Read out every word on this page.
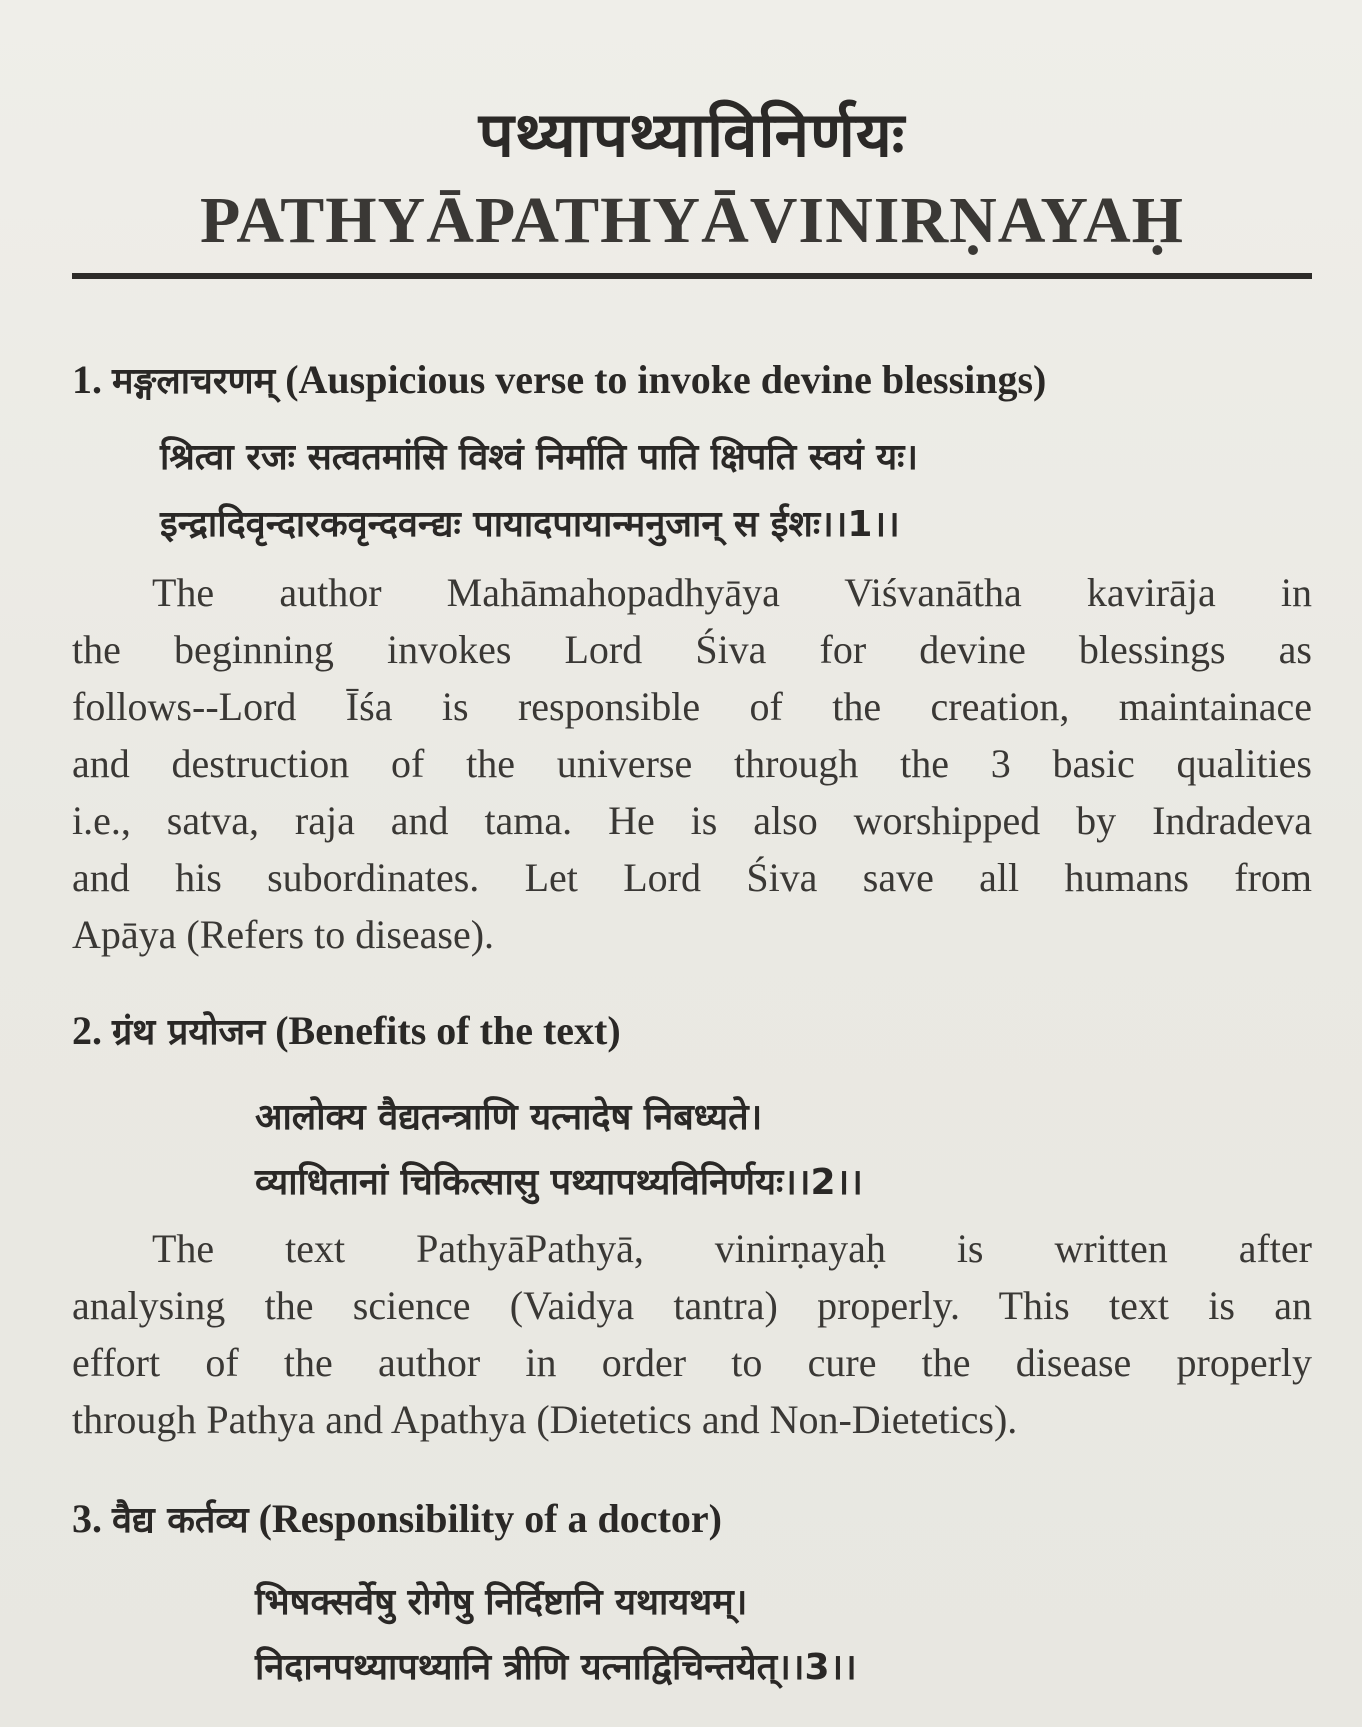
पथ्यापथ्याविनिर्णयः
PATHYĀPATHYĀVINIRṆAYAḤ
1. मङ्गलाचरणम् (Auspicious verse to invoke devine blessings)
श्रित्वा रजः सत्वतमांसि विश्वं निर्माति पाति क्षिपति स्वयं यः।
इन्द्रादिवृन्दारकवृन्दवन्द्यः पायादपायान्मनुजान् स ईशः।।1।।
The author Mahāmahopadhyāya Viśvanātha kavirāja in
the beginning invokes Lord Śiva for devine blessings as
follows--Lord Īśa is responsible of the creation, maintainace
and destruction of the universe through the 3 basic qualities
i.e., satva, raja and tama. He is also worshipped by Indradeva
and his subordinates. Let Lord Śiva save all humans from
Apāya (Refers to disease).
2. ग्रंथ प्रयोजन (Benefits of the text)
आलोक्य वैद्यतन्त्राणि यत्नादेष निबध्यते।
व्याधितानां चिकित्सासु पथ्यापथ्यविनिर्णयः।।2।।
The text PathyāPathyā, vinirṇayaḥ is written after
analysing the science (Vaidya tantra) properly. This text is an
effort of the author in order to cure the disease properly
through Pathya and Apathya (Dietetics and Non-Dietetics).
3. वैद्य कर्तव्य (Responsibility of a doctor)
भिषक्सर्वेषु रोगेषु निर्दिष्टानि यथायथम्।
निदानपथ्यापथ्यानि त्रीणि यत्नाद्विचिन्तयेत्।।3।।
